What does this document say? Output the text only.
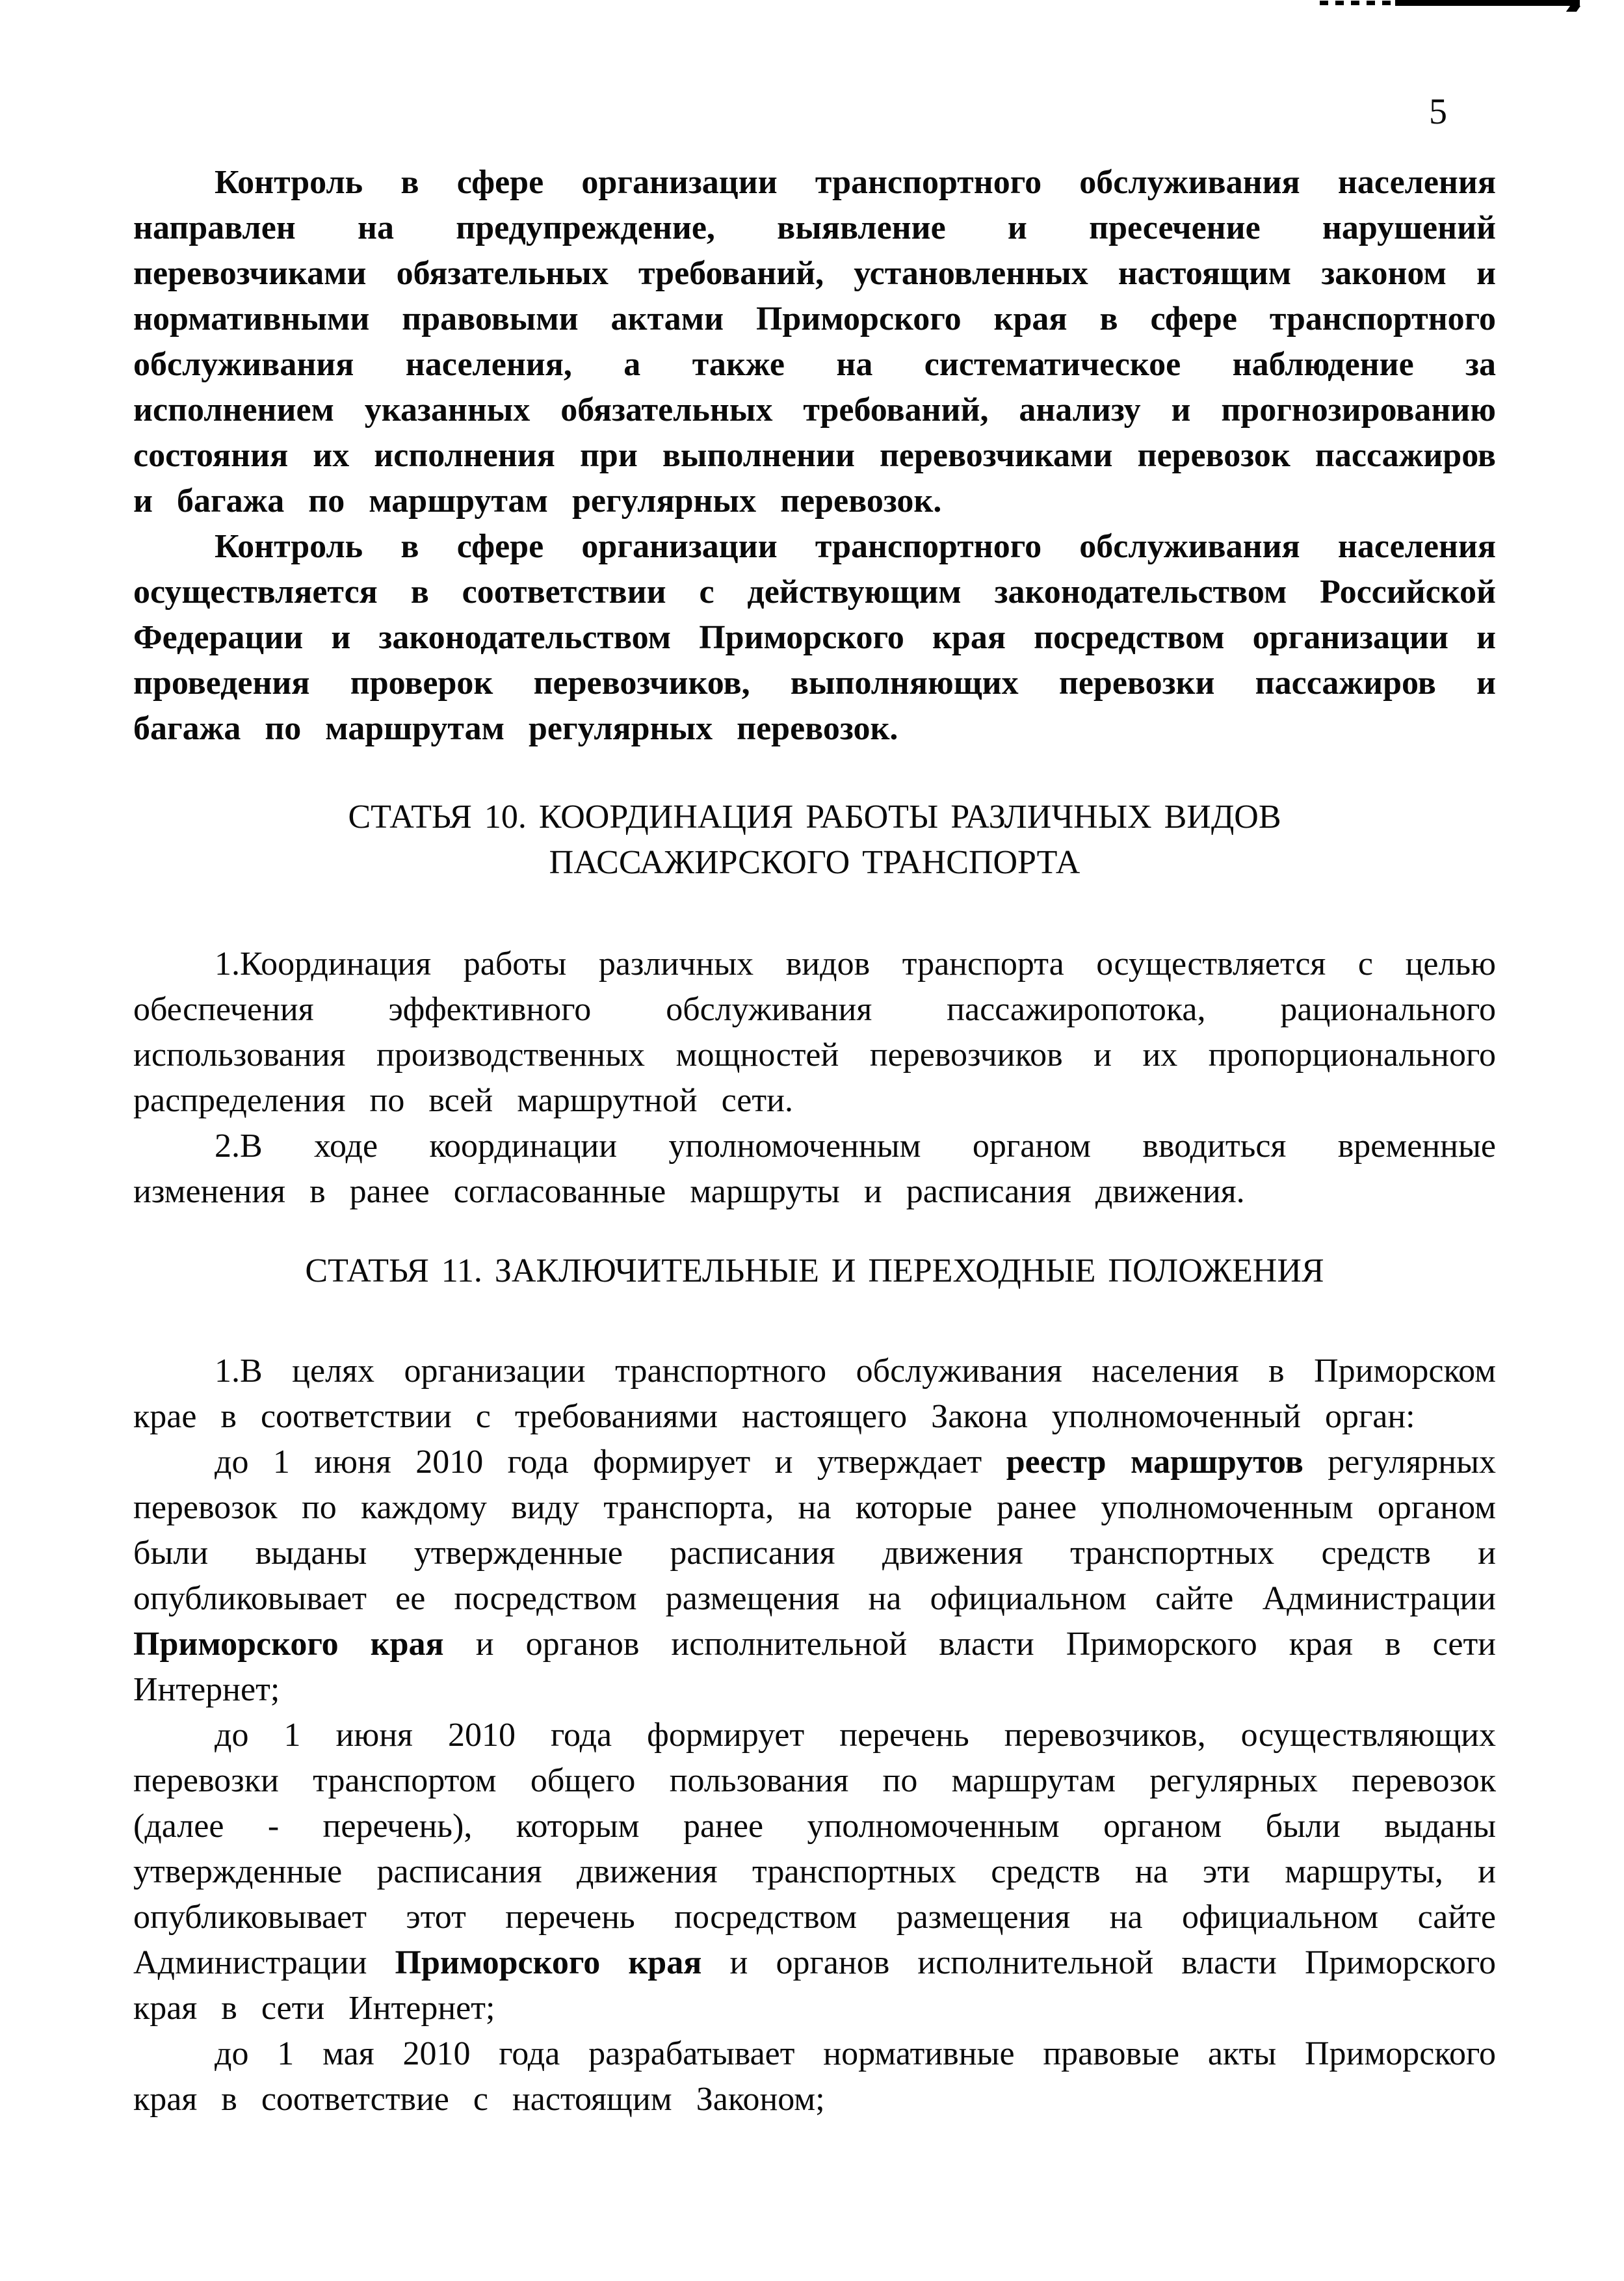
5

Контроль в сфере организации транспортного обслуживания населения направлен на предупреждение, выявление и пресечение нарушений перевозчиками обязательных требований, установленных настоящим законом и нормативными правовыми актами Приморского края в сфере транспортного обслуживания населения, а также на систематическое наблюдение за исполнением указанных обязательных требований, анализу и прогнозированию состояния их исполнения при выполнении перевозчиками перевозок пассажиров и багажа по маршрутам регулярных перевозок.

Контроль в сфере организации транспортного обслуживания населения осуществляется в соответствии с действующим законодательством Российской Федерации и законодательством Приморского края посредством организации и проведения проверок перевозчиков, выполняющих перевозки пассажиров и багажа по маршрутам регулярных перевозок.

СТАТЬЯ 10. КООРДИНАЦИЯ РАБОТЫ РАЗЛИЧНЫХ ВИДОВ
ПАССАЖИРСКОГО ТРАНСПОРТА

1.Координация работы различных видов транспорта осуществляется с целью обеспечения эффективного обслуживания пассажиропотока, рационального использования производственных мощностей перевозчиков и их пропорционального распределения по всей маршрутной сети.

2.В ходе координации уполномоченным органом вводиться временные изменения в ранее согласованные маршруты и расписания движения.

СТАТЬЯ 11. ЗАКЛЮЧИТЕЛЬНЫЕ И ПЕРЕХОДНЫЕ ПОЛОЖЕНИЯ

1.В целях организации транспортного обслуживания населения в Приморском крае в соответствии с требованиями настоящего Закона уполномоченный орган:

до 1 июня 2010 года формирует и утверждает реестр маршрутов регулярных перевозок по каждому виду транспорта, на которые ранее уполномоченным органом были выданы утвержденные расписания движения транспортных средств и опубликовывает ее посредством размещения на официальном сайте Администрации Приморского края и органов исполнительной власти Приморского края в сети Интернет;

до 1 июня 2010 года формирует перечень перевозчиков, осуществляющих перевозки транспортом общего пользования по маршрутам регулярных перевозок (далее - перечень), которым ранее уполномоченным органом были выданы утвержденные расписания движения транспортных средств на эти маршруты, и опубликовывает этот перечень посредством размещения на официальном сайте Администрации Приморского края и органов исполнительной власти Приморского края в сети Интернет;

до 1 мая 2010 года разрабатывает нормативные правовые акты Приморского края в соответствие с настоящим Законом;
